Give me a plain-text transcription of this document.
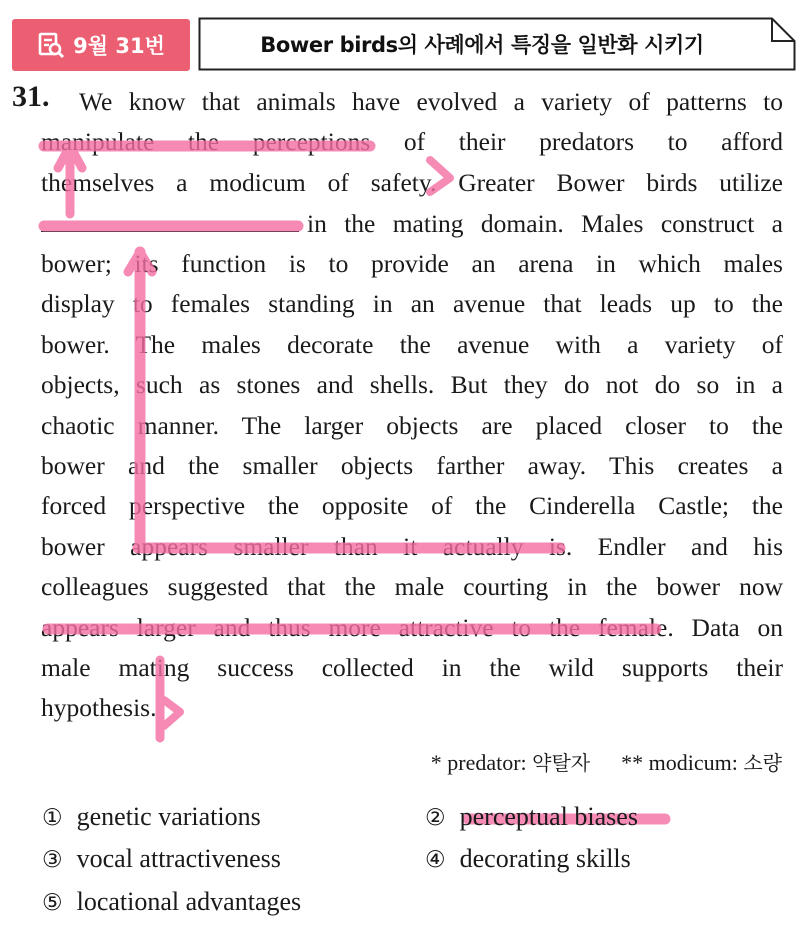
9월 31번	Bower birds의 사례에서 특징을 일반화 시키기
31. We know that animals have evolved a variety of patterns to
manipulate the perceptions of their predators to afford
themselves a modicum of safety. Greater Bower birds utilize
in the mating domain. Males construct a
bower; its function is to provide an arena in which males
display to females standing in an avenue that leads up to the
bower. The males decorate the avenue with a variety of
objects, such as stones and shells. But they do not do so in a
chaotic manner. The larger objects are placed closer to the
bower and the smaller objects farther away. This creates a
forced perspective the opposite of the Cinderella Castle; the
bower appears smaller than it actually is. Endler and his
colleagues suggested that the male courting in the bower now
appears larger and thus more attractive to the female. Data on
male mating success collected in the wild supports their
hypothesis.
* predator: 약탈자 ** modicum: 소량
① genetic variations	② perceptual biases
③ vocal attractiveness	④ decorating skills
⑤ locational advantages
